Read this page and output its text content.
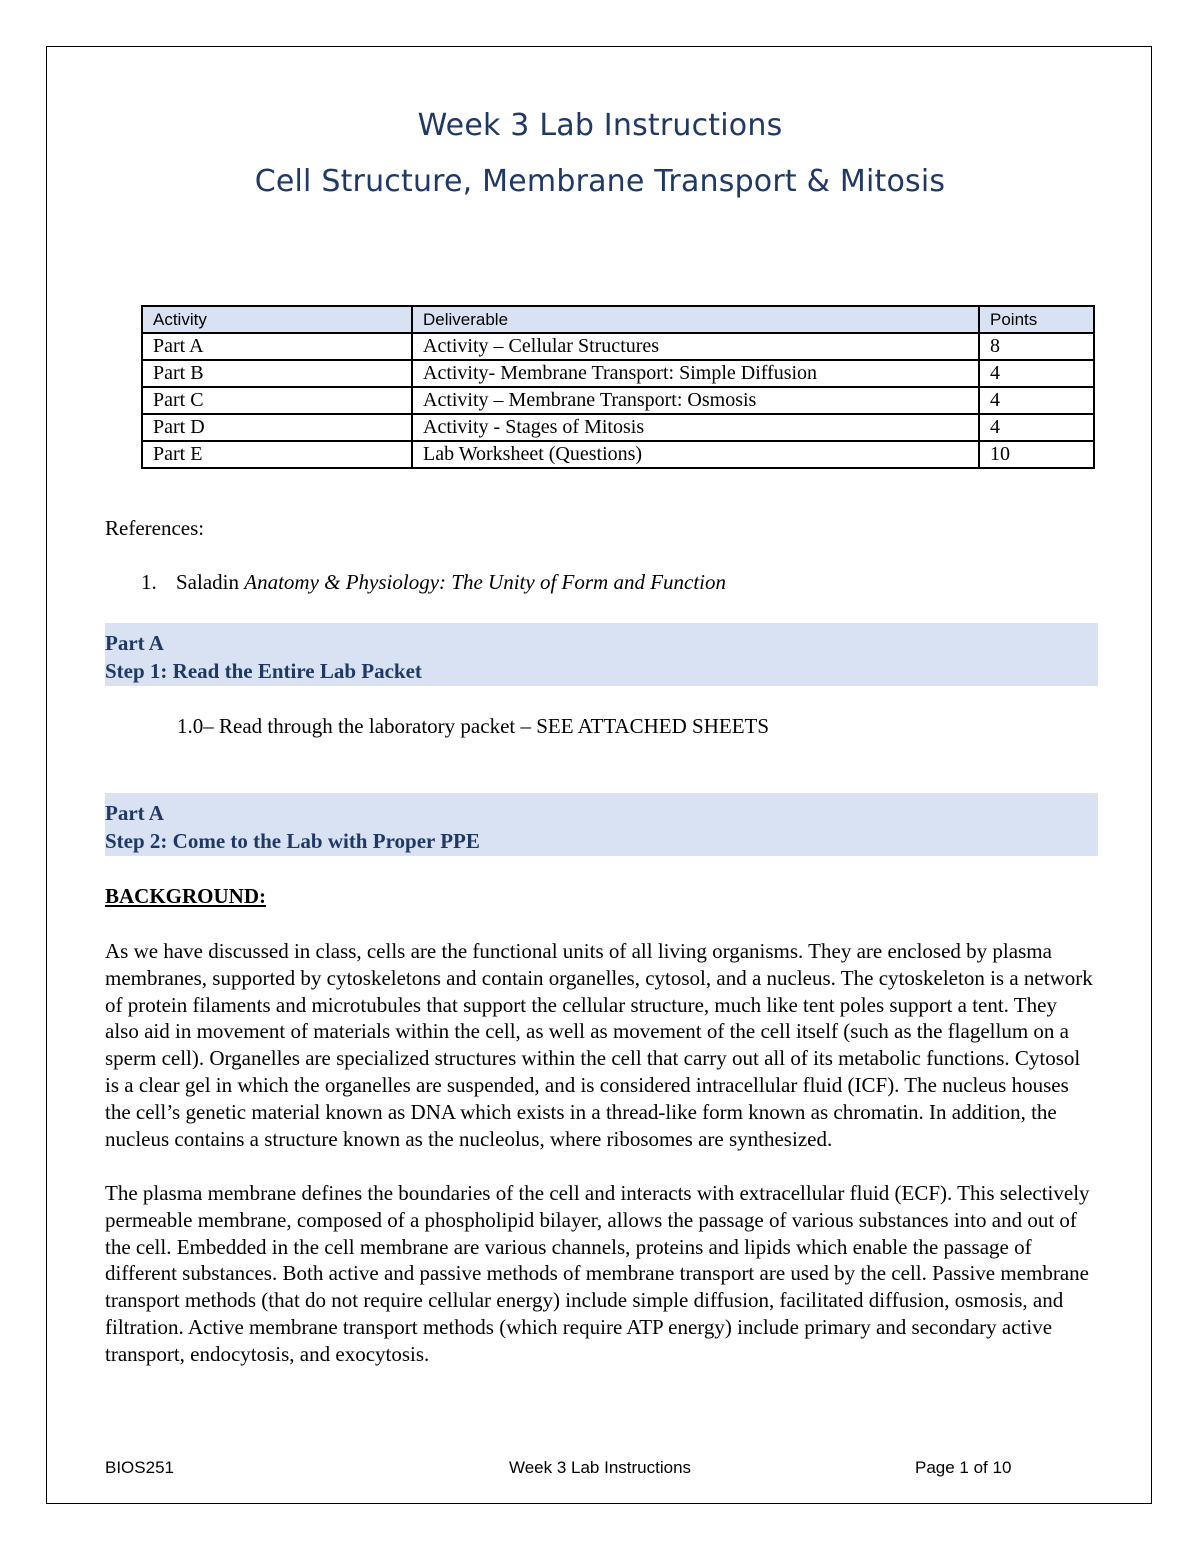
Week 3 Lab Instructions
Cell Structure, Membrane Transport & Mitosis
Activity	Deliverable	Points
Part A	Activity – Cellular Structures	8
Part B	Activity- Membrane Transport: Simple Diffusion	4
Part C	Activity – Membrane Transport: Osmosis	4
Part D	Activity - Stages of Mitosis	4
Part E	Lab Worksheet (Questions)	10
References:
1. Saladin Anatomy & Physiology: The Unity of Form and Function
Part A
Step 1: Read the Entire Lab Packet
1.0– Read through the laboratory packet – SEE ATTACHED SHEETS
Part A
Step 2: Come to the Lab with Proper PPE
BACKGROUND:

As we have discussed in class, cells are the functional units of all living organisms. They are enclosed by plasma membranes, supported by cytoskeletons and contain organelles, cytosol, and a nucleus. The cytoskeleton is a network of protein filaments and microtubules that support the cellular structure, much like tent poles support a tent. They also aid in movement of materials within the cell, as well as movement of the cell itself (such as the flagellum on a sperm cell). Organelles are specialized structures within the cell that carry out all of its metabolic functions. Cytosol is a clear gel in which the organelles are suspended, and is considered intracellular fluid (ICF). The nucleus houses the cell’s genetic material known as DNA which exists in a thread-like form known as chromatin. In addition, the nucleus contains a structure known as the nucleolus, where ribosomes are synthesized.

The plasma membrane defines the boundaries of the cell and interacts with extracellular fluid (ECF). This selectively permeable membrane, composed of a phospholipid bilayer, allows the passage of various substances into and out of the cell. Embedded in the cell membrane are various channels, proteins and lipids which enable the passage of different substances. Both active and passive methods of membrane transport are used by the cell. Passive membrane transport methods (that do not require cellular energy) include simple diffusion, facilitated diffusion, osmosis, and filtration. Active membrane transport methods (which require ATP energy) include primary and secondary active transport, endocytosis, and exocytosis.

BIOS251	Week 3 Lab Instructions	Page 1 of 10
